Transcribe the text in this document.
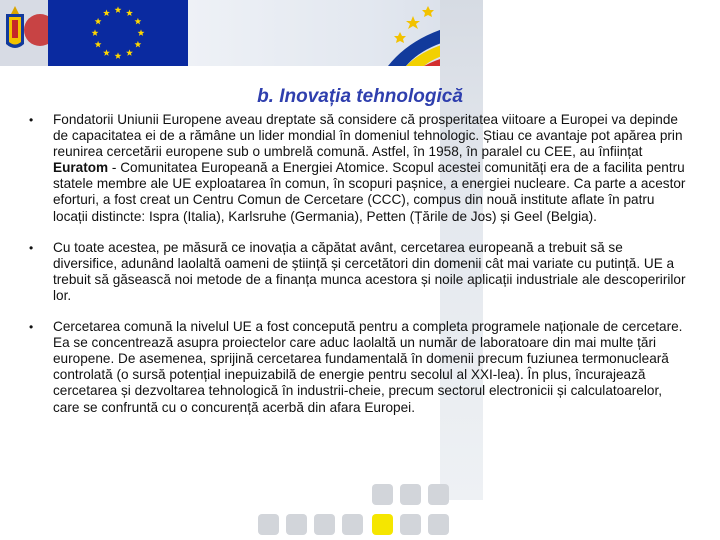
b. Inovația tehnologică
• Fondatorii Uniunii Europene aveau dreptate să considere că prosperitatea viitoare a Europei va depinde de capacitatea ei de a rămâne un lider mondial în domeniul tehnologic. Știau ce avantaje pot apărea prin reunirea cercetării europene sub o umbrelă comună. Astfel, în 1958, în paralel cu CEE, au înființat Euratom - Comunitatea Europeană a Energiei Atomice. Scopul acestei comunități era de a facilita pentru statele membre ale UE exploatarea în comun, în scopuri pașnice, a energiei nucleare. Ca parte a acestor eforturi, a fost creat un Centru Comun de Cercetare (CCC), compus din nouă institute aflate în patru locații distincte: Ispra (Italia), Karlsruhe (Germania), Petten (Țările de Jos) și Geel (Belgia).
• Cu toate acestea, pe măsură ce inovația a căpătat avânt, cercetarea europeană a trebuit să se diversifice, adunând laolaltă oameni de știință și cercetători din domenii cât mai variate cu putință. UE a trebuit să găsească noi metode de a finanța munca acestora și noile aplicații industriale ale descoperirilor lor.
• Cercetarea comună la nivelul UE a fost concepută pentru a completa programele naționale de cercetare. Ea se concentrează asupra proiectelor care aduc laolaltă un număr de laboratoare din mai multe țări europene. De asemenea, sprijină cercetarea fundamentală în domenii precum fuziunea termonucleară controlată (o sursă potențial inepuizabilă de energie pentru secolul al XXI-lea). În plus, încurajează cercetarea și dezvoltarea tehnologică în industrii-cheie, precum sectorul electronicii și calculatoarelor, care se confruntă cu o concurență acerbă din afara Europei.
